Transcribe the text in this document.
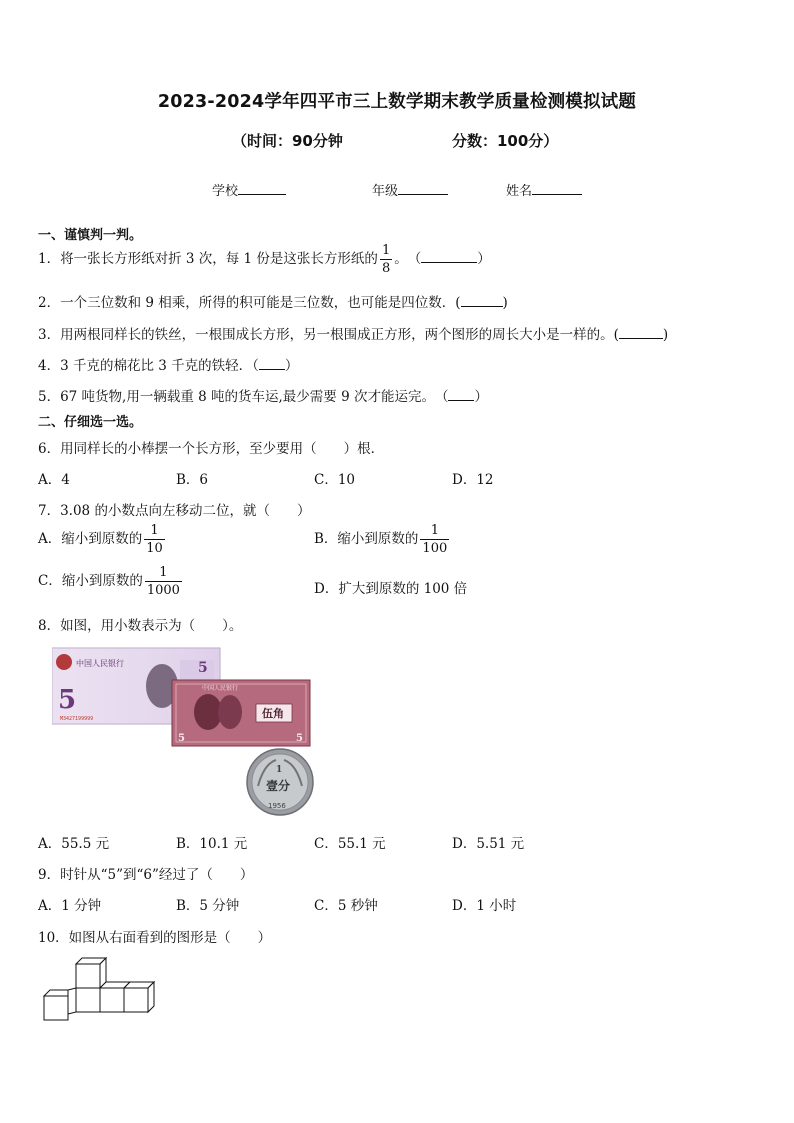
2023-2024学年四平市三上数学期末教学质量检测模拟试题
（时间：90分钟	分数：100分）
学校	年级	姓名
一、谨慎判一判。
1．将一张长方形纸对折 3 次，每 1 份是这张长方形纸的 $\frac{1}{8}$ 。　（	）
2．一个三位数和 9 相乘，所得的积可能是三位数，也可能是四位数．(	)
3．用两根同样长的铁丝，一根围成长方形，另一根围成正方形，两个图形的周长大小是一样的。(	)
4．3 千克的棉花比 3 千克的铁轻．（ ）
5．67 吨货物,用一辆载重 8 吨的货车运,最少需要 9 次才能运完。　（ ）
二、仔细选一选。
6．用同样长的小棒摆一个长方形，至少要用（　　）根．
A．4	B．6	C．10	D．12
7．3.08 的小数点向左移动二位，就（　　）
A．缩小到原数的 $\frac{1}{10}$	B．缩小到原数的 $\frac{1}{100}$
C．缩小到原数的 $\frac{1}{1000}$	D．扩大到原数的 100 倍
8．如图，用小数表示为（　　）。
中国人民银行
5
M3427199999
5
中国人民银行
伍角
5	5
1
壹分
1956
A．55.5 元	B．10.1 元	C．55.1 元	D．5.51 元
9．时针从“5”到“6”经过了（　　）
A．1 分钟	B．5 分钟	C．5 秒钟	D．1 小时
10．如图从右面看到的图形是（　　）
